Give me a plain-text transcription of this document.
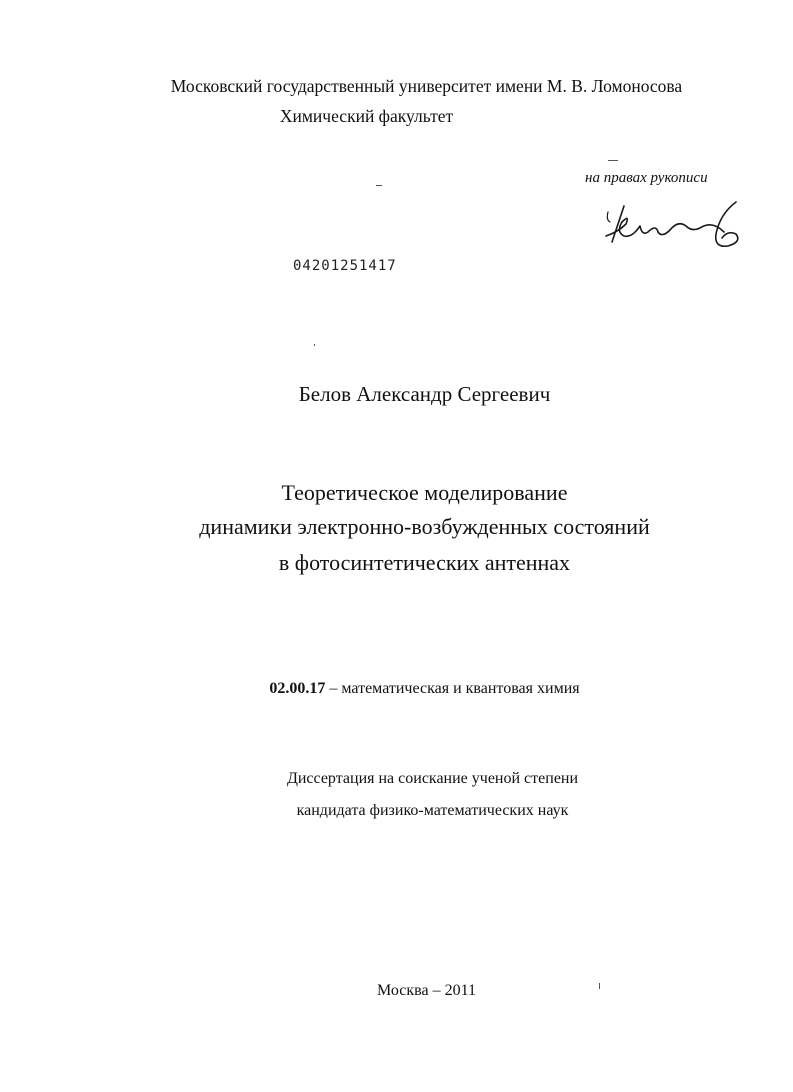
Московский государственный университет имени М. В. Ломоносова
Химический факультет
на правах рукописи
04201251417
Белов Александр Сергеевич
Теоретическое моделирование
динамики электронно-возбужденных состояний
в фотосинтетических антеннах
02.00.17 – математическая и квантовая химия
Диссертация на соискание ученой степени
кандидата физико-математических наук
Москва – 2011
